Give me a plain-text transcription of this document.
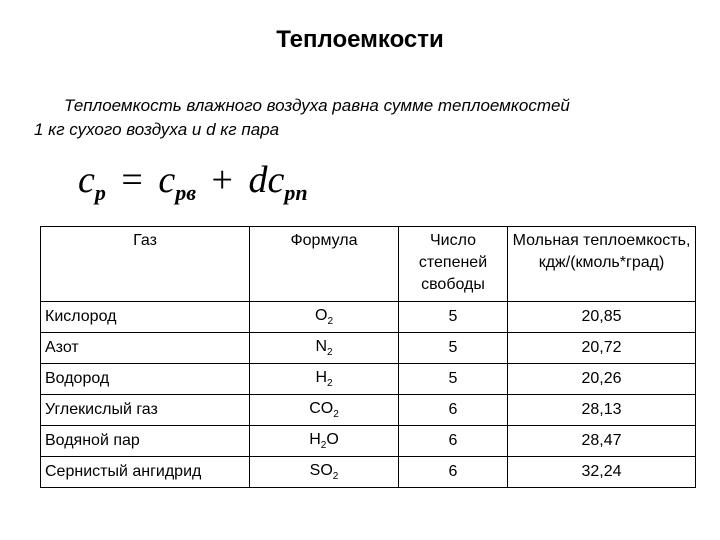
Теплоемкости
Теплоемкость влажного воздуха равна сумме теплоемкостей
1 кг сухого воздуха и d кг пара
$c_р = c_{рв} + dc_{рп}$
Газ	Формула	Число степеней свободы	Мольная теплоемкость, кдж/(кмоль*град)
Кислород	$O_2$	5	20,85
Азот	$N_2$	5	20,72
Водород	$H_2$	5	20,26
Углекислый газ	$CO_2$	6	28,13
Водяной пар	$H_2O$	6	28,47
Сернистый ангидрид	$SO_2$	6	32,24
